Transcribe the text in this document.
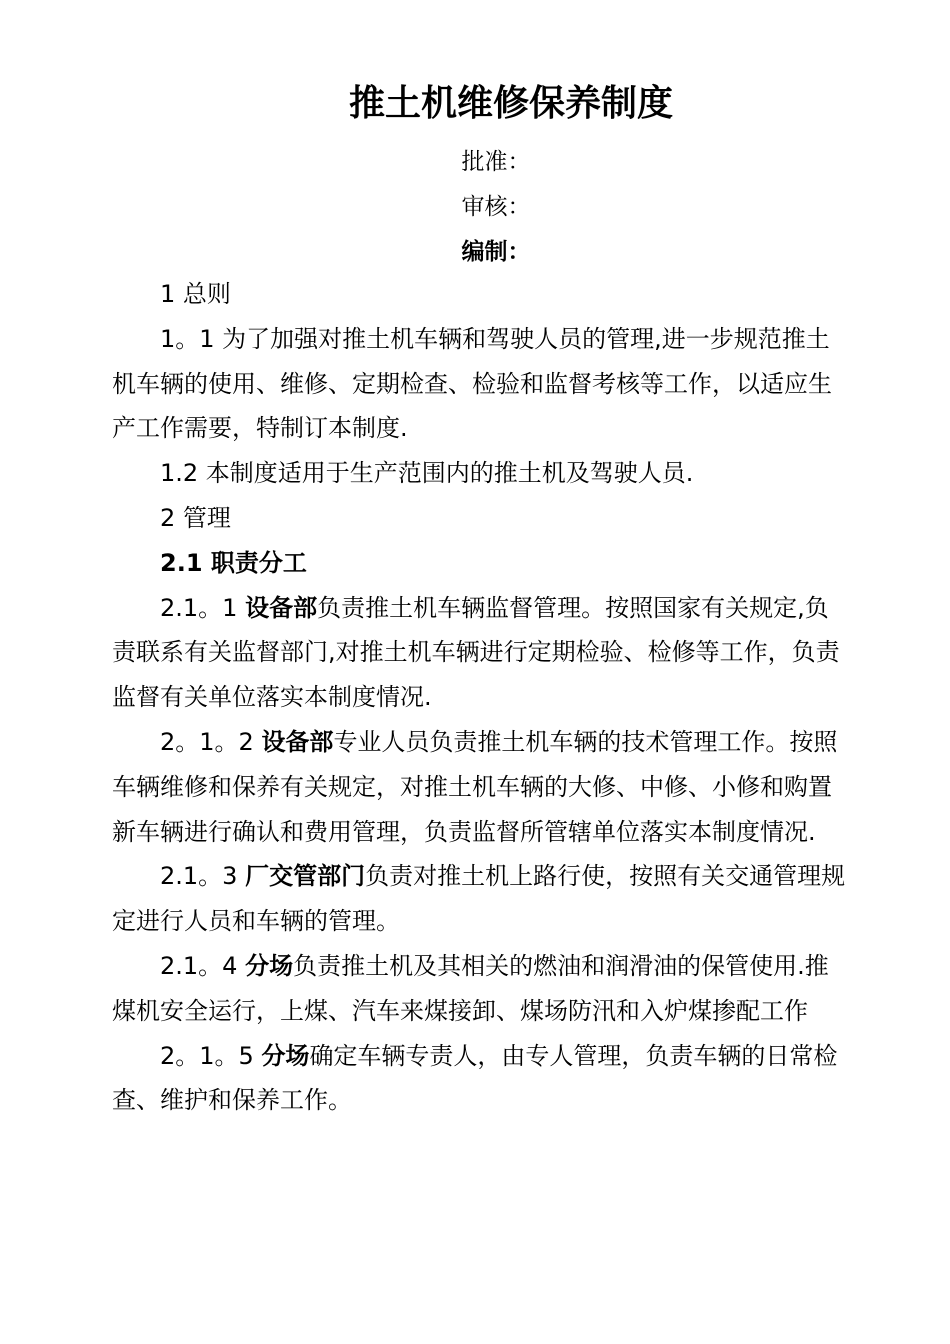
推土机维修保养制度
批准：
审核：
编制：

1 总则

1。1 为了加强对推土机车辆和驾驶人员的管理,进一步规范推土机车辆的使用、维修、定期检查、检验和监督考核等工作，以适应生产工作需要，特制订本制度.

1.2 本制度适用于生产范围内的推土机及驾驶人员.

2 管理

2.1 职责分工

2.1。1 设备部负责推土机车辆监督管理。按照国家有关规定,负责联系有关监督部门,对推土机车辆进行定期检验、检修等工作，负责监督有关单位落实本制度情况.

2。1。2 设备部专业人员负责推土机车辆的技术管理工作。按照车辆维修和保养有关规定，对推土机车辆的大修、中修、小修和购置新车辆进行确认和费用管理，负责监督所管辖单位落实本制度情况.

2.1。3 厂交管部门负责对推土机上路行使，按照有关交通管理规定进行人员和车辆的管理。

2.1。4 分场负责推土机及其相关的燃油和润滑油的保管使用.推煤机安全运行，上煤、汽车来煤接卸、煤场防汛和入炉煤掺配工作

2。1。5 分场确定车辆专责人，由专人管理，负责车辆的日常检查、维护和保养工作。
